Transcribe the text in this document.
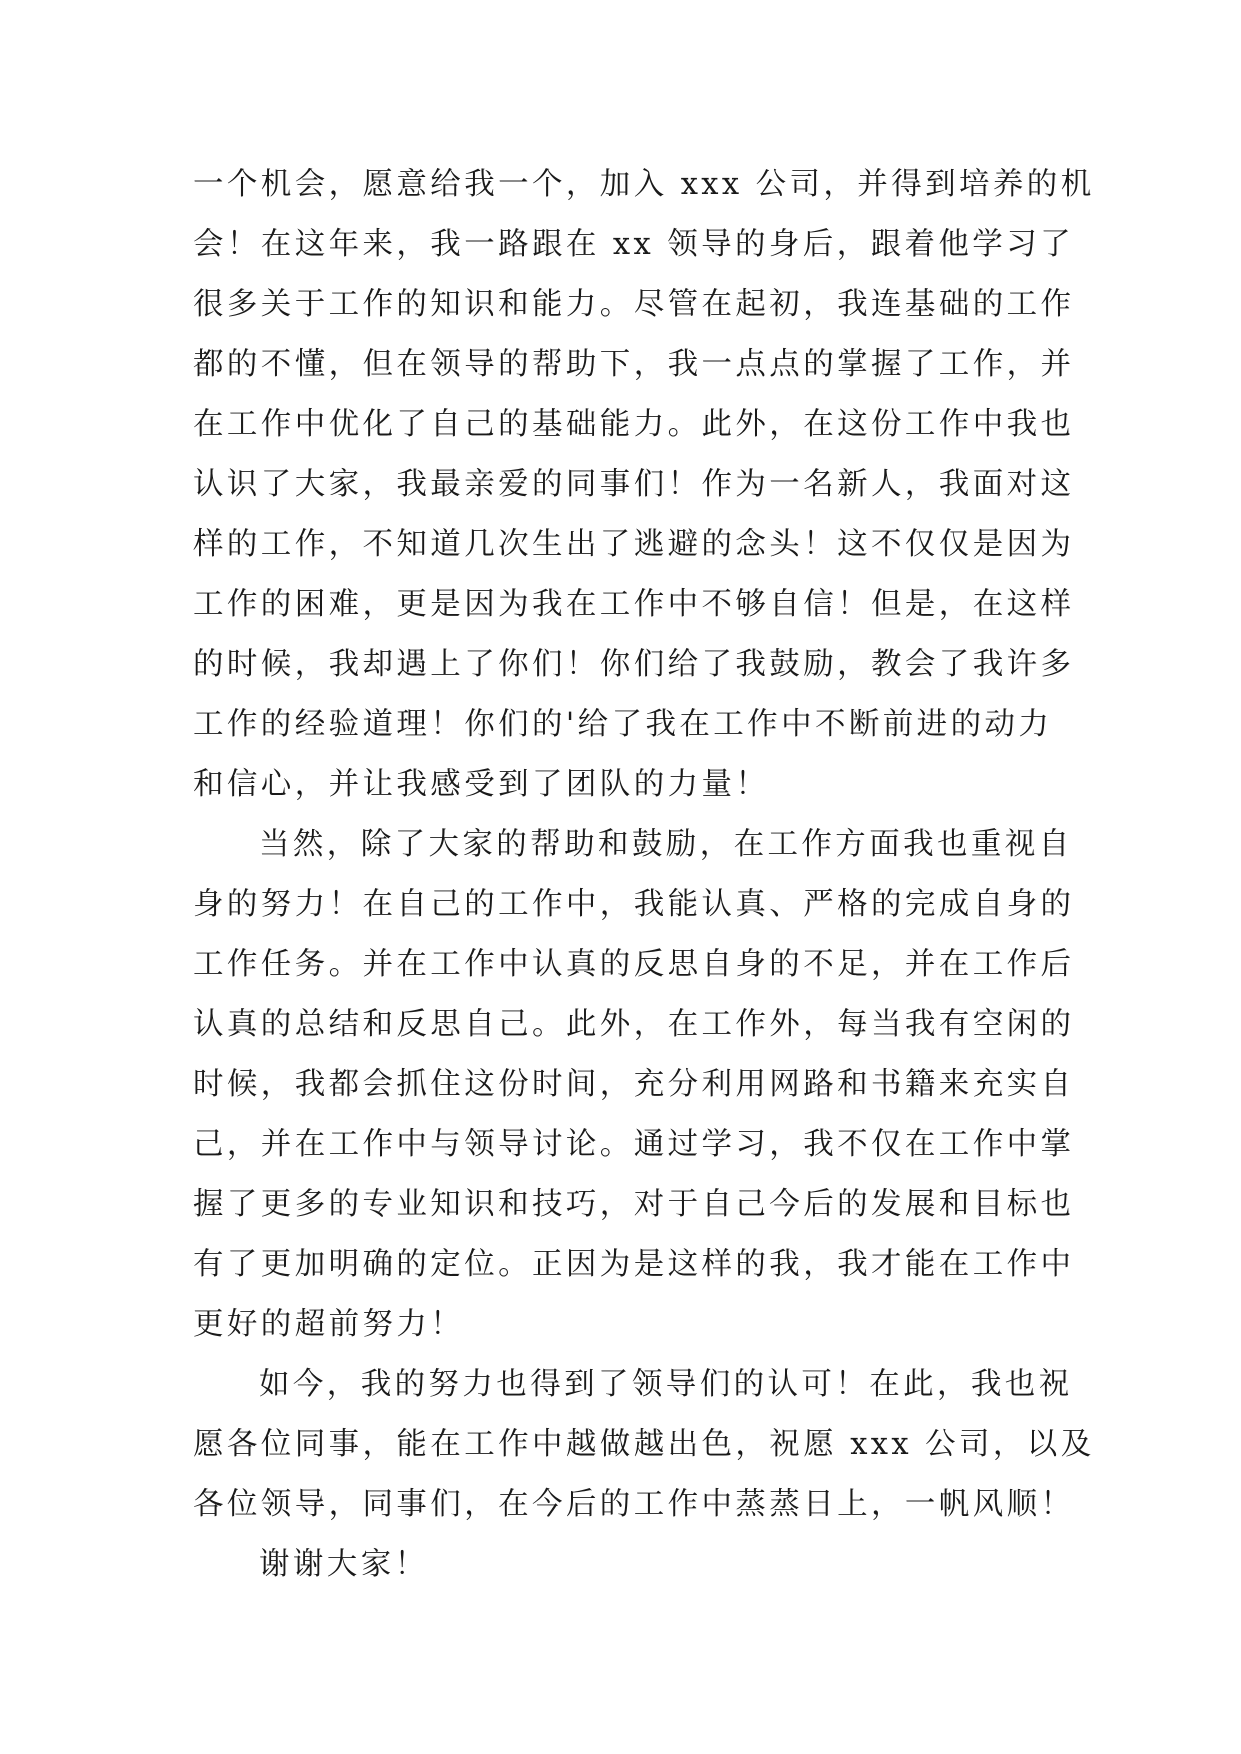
一个机会，愿意给我一个，加入 xxx 公司，并得到培养的机
会！在这年来，我一路跟在 xx 领导的身后，跟着他学习了
很多关于工作的知识和能力。尽管在起初，我连基础的工作
都的不懂，但在领导的帮助下，我一点点的掌握了工作，并
在工作中优化了自己的基础能力。此外，在这份工作中我也
认识了大家，我最亲爱的同事们！作为一名新人，我面对这
样的工作，不知道几次生出了逃避的念头！这不仅仅是因为
工作的困难，更是因为我在工作中不够自信！但是，在这样
的时候，我却遇上了你们！你们给了我鼓励，教会了我许多
工作的经验道理！你们的'给了我在工作中不断前进的动力
和信心，并让我感受到了团队的力量！
当然，除了大家的帮助和鼓励，在工作方面我也重视自
身的努力！在自己的工作中，我能认真、严格的完成自身的
工作任务。并在工作中认真的反思自身的不足，并在工作后
认真的总结和反思自己。此外，在工作外，每当我有空闲的
时候，我都会抓住这份时间，充分利用网路和书籍来充实自
己，并在工作中与领导讨论。通过学习，我不仅在工作中掌
握了更多的专业知识和技巧，对于自己今后的发展和目标也
有了更加明确的定位。正因为是这样的我，我才能在工作中
更好的超前努力！
如今，我的努力也得到了领导们的认可！在此，我也祝
愿各位同事，能在工作中越做越出色，祝愿 xxx 公司，以及
各位领导，同事们，在今后的工作中蒸蒸日上，一帆风顺！
谢谢大家！
